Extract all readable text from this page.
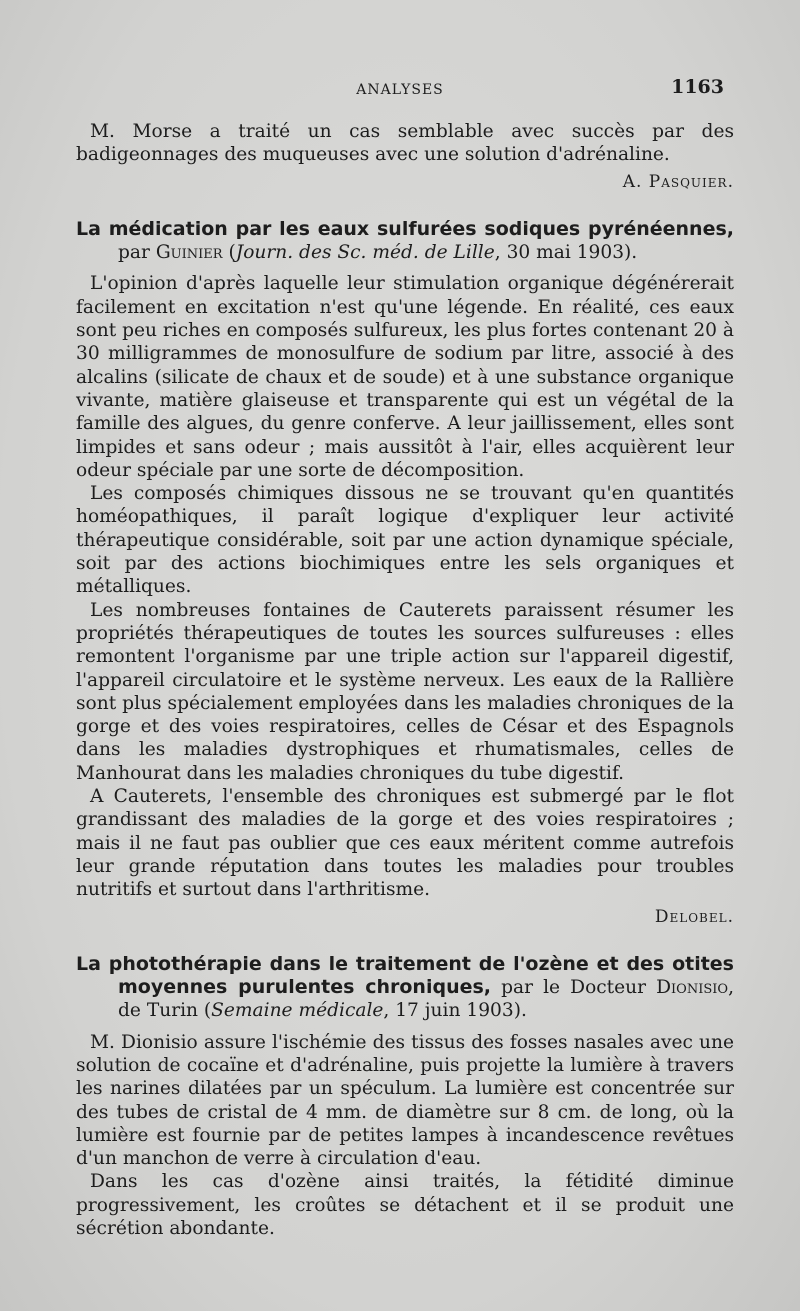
ANALYSES	1163

M. Morse a traité un cas semblable avec succès par des badigeonnages des muqueuses avec une solution d'adrénaline.

A. Pasquier.
La médication par les eaux sulfurées sodiques pyrénéennes, par Guinier (Journ. des Sc. méd. de Lille, 30 mai 1903).

L'opinion d'après laquelle leur stimulation organique dégénérerait facilement en excitation n'est qu'une légende. En réalité, ces eaux sont peu riches en composés sulfureux, les plus fortes contenant 20 à 30 milligrammes de monosulfure de sodium par litre, associé à des alcalins (silicate de chaux et de soude) et à une substance organique vivante, matière glaiseuse et transparente qui est un végétal de la famille des algues, du genre conferve. A leur jaillissement, elles sont limpides et sans odeur ; mais aussitôt à l'air, elles acquièrent leur odeur spéciale par une sorte de décomposition.

Les composés chimiques dissous ne se trouvant qu'en quantités homéopathiques, il paraît logique d'expliquer leur activité thérapeutique considérable, soit par une action dynamique spéciale, soit par des actions biochimiques entre les sels organiques et métalliques.

Les nombreuses fontaines de Cauterets paraissent résumer les propriétés thérapeutiques de toutes les sources sulfureuses : elles remontent l'organisme par une triple action sur l'appareil digestif, l'appareil circulatoire et le système nerveux. Les eaux de la Rallière sont plus spécialement employées dans les maladies chroniques de la gorge et des voies respiratoires, celles de César et des Espagnols dans les maladies dystrophiques et rhumatismales, celles de Manhourat dans les maladies chroniques du tube digestif.

A Cauterets, l'ensemble des chroniques est submergé par le flot grandissant des maladies de la gorge et des voies respiratoires ; mais il ne faut pas oublier que ces eaux méritent comme autrefois leur grande réputation dans toutes les maladies pour troubles nutritifs et surtout dans l'arthritisme.

Delobel.
La photothérapie dans le traitement de l'ozène et des otites moyennes purulentes chroniques, par le Docteur Dionisio, de Turin (Semaine médicale, 17 juin 1903).

M. Dionisio assure l'ischémie des tissus des fosses nasales avec une solution de cocaïne et d'adrénaline, puis projette la lumière à travers les narines dilatées par un spéculum. La lumière est concentrée sur des tubes de cristal de 4 mm. de diamètre sur 8 cm. de long, où la lumière est fournie par de petites lampes à incandescence revêtues d'un manchon de verre à circulation d'eau.

Dans les cas d'ozène ainsi traités, la fétidité diminue progressivement, les croûtes se détachent et il se produit une sécrétion abondante.
